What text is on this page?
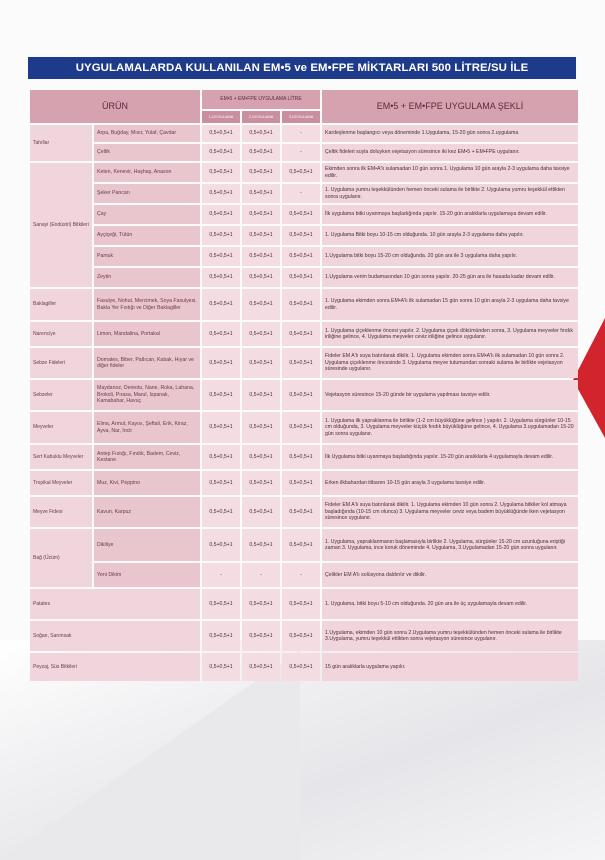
UYGULAMALARDA KULLANILAN EM•5 ve EM•FPE MİKTARLARI 500 LİTRE/SU İLE
ÜRÜN		EM•5 + EM•FPE UYGULAMA LİTRE			EM•5 + EM•FPE UYGULAMA ŞEKLİ
		1.UYGULAMA	2.UYGULAMA	3.UYGULAMA	
Tahıllar	Arpa, Buğday, Mısır, Yulaf, Çavdar	0,5+0,5+1	0,5+0,5+1	-	Kardeşlenme başlangıcı veya döneminde 1.Uygulama, 15-20 gün sonra 2.uygulama
	Çeltik	0,5+0,5+1	0,5+0,5+1	-	Çeltik fideleri suyla doluyken vejetasyon süresince iki kez EM•5 + EM•FPE uygulanır.
Sanayi (Endüstri) Bitkileri	Keten, Kenevir, Haşhaş, Anason	0,5+0,5+1	0,5+0,5+1	0,5+0,5+1	Ekimden sonra ilk EM•A'lı sulamadan 10 gün sonra 1. Uygulama 10 gün arayla 2-3 uygulama daha tavsiye edilir.
	Şeker Pancarı	0,5+0,5+1	0,5+0,5+1	-	1. Uygulama yumru teşekkülünden hemen önceki sulama ile birlikte 2. Uygulama yumru teşekkül ettikten sonra uygulanır.
	Çay	0,5+0,5+1	0,5+0,5+1	0,5+0,5+1	İlk uygulama bitki uyanmaya başladığında yapılır. 15-20 gün aralıklarla uygulamaya devam edilir.
	Ayçiçeği, Tütün	0,5+0,5+1	0,5+0,5+1	0,5+0,5+1	1. Uygulama Bitki boyu 10-15 cm olduğunda. 10 gün arayla 2-3 uygulama daha yapılır.
	Pamuk	0,5+0,5+1	0,5+0,5+1	0,5+0,5+1	1.Uygulama bitki boyu 15-20 cm olduğunda. 20 gün ara ile 3 uygulama daha yapılır.
	Zeytin	0,5+0,5+1	0,5+0,5+1	0,5+0,5+1	1.Uygulama verim budamasından 10 gün sonra yapılır. 20-25 gün ara ile hasada kadar devam edilir.
Baklagiller	Fasulye, Nohut, Mercimek, Soya Fasulyesi, Bakla Yer Fıstığı ve Diğer Baklagiller	0,5+0,5+1	0,5+0,5+1	0,5+0,5+1	1. Uygulama ekimden sonra EM•A'lı ilk sulamadan 15 gün sonra 10 gün arayla 2-3 uygulama daha tavsiye edilir.
Narenciye	Limon, Mandalina, Portakal	0,5+0,5+1	0,5+0,5+1	0,5+0,5+1	1. Uygulama çiçeklenme öncesi yapılır. 2. Uygulama çiçek dökümünden sonra, 3. Uygulama meyveler fındık iriliğine gelince, 4. Uygulama meyveler ceviz iriliğine gelince uygulanır.
Sebze Fideleri	Domates, Biber, Patlıcan, Kabak, Hıyar ve diğer fideler	0,5+0,5+1	0,5+0,5+1	0,5+0,5+1	Fideler EM A'lı suya batırılarak dikilir. 1. Uygulama ekimden sonra EM•A'lı ilk sulamadan 10 gün sonra 2. Uygulama çiçeklenme öncesinde 3. Uygulama meyve tutumundan sonraki sulama ile birlikte vejetasyon süresinde uygulanır.
Sebzeler	Maydanoz, Dereotu, Nane, Roka, Lahana, Brokoli, Pırasa, Marul, Ispanak, Kamabahar, Havuç	0,5+0,5+1	0,5+0,5+1	0,5+0,5+1	Vejetasyon süresince 15-20 günde bir uygulama yapılması tavsiye edilir.
Meyveler	Elma, Armut, Kayısı, Şeftali, Erik, Kiraz, Ayva, Nar, İncir	0,5+0,5+1	0,5+0,5+1	0,5+0,5+1	1. Uygulama ilk yapraklanma ile birlikte (1-2 cm büyüklüğüne gelince ) yapılır. 2. Uygulama sürgünler 10-15 cm olduğunda, 3. Uygulama meyveler küçük fındık büyüklüğüne gelince, 4. Uygulama 3.uygulamadan 15-20 gün sonra uygulanır.
Sert Kabuklu Meyveler	Antep Fıstığı, Fındık, Badem, Ceviz, Kestane	0,5+0,5+1	0,5+0,5+1	0,5+0,5+1	İlk Uygulama bitki uyanmaya başladığında yapılır. 15-20 gün aralıklarla 4 uygulamayla devam edilir.
Tropikal Meyveler	Muz, Kivi, Peppino	0,5+0,5+1	0,5+0,5+1	0,5+0,5+1	Erken ilkbahardan itibaren 10-15 gün arayla 3 uygulama tavsiye edilir.
Meyve Fidesi	Kavun, Karpuz	0,5+0,5+1	0,5+0,5+1	0,5+0,5+1	Fideler EM A'lı suya batırılarak dikilir. 1. Uygulama ekimden 10 gün sonra 2. Uygulama bitkiler kol atmaya başladığında (10-15 cm olunca) 3. Uygulama meyveler ceviz veya badem büyüklüğünde iken vejetasyon süresince uygulanır.
Bağ (Üzüm)	Dikiliye	0,5+0,5+1	0,5+0,5+1	0,5+0,5+1	1. Uygulama, yapraklanmanın başlamasıyla birlikte 2. Uygulama, sürgünler 15-20 cm uzunluğuna eriştiği zaman 3. Uygulama, ince koruk döneminde 4. Uygulama, 3.Uygulamadan 15-20 gün sonra uygulanır.
	Yeni Dikim	-	-	-	Çelikler EM A'lı solüsyona daldırılır ve dikilir.
Patates		0,5+0,5+1	0,5+0,5+1	0,5+0,5+1	1. Uygulama, bitki boyu 5-10 cm olduğunda. 20 gün ara ile üç uygulamayla devam edilir.
Soğan, Sarımsak		0,5+0,5+1	0,5+0,5+1	0,5+0,5+1	1.Uygulama, ekimden 10 gün sonra 2.Uygulama yumru teşekkülünden hemen önceki sulama ile birlikte 3.Uygulama, yumru teşekkül ettikten sonra vejetasyon süresince uygulanır.
Peyzaj, Süs Bitkileri		0,5+0,5+1	0,5+0,5+1	0,5+0,5+1	15 gün aralıklarla uygulama yapılır.
